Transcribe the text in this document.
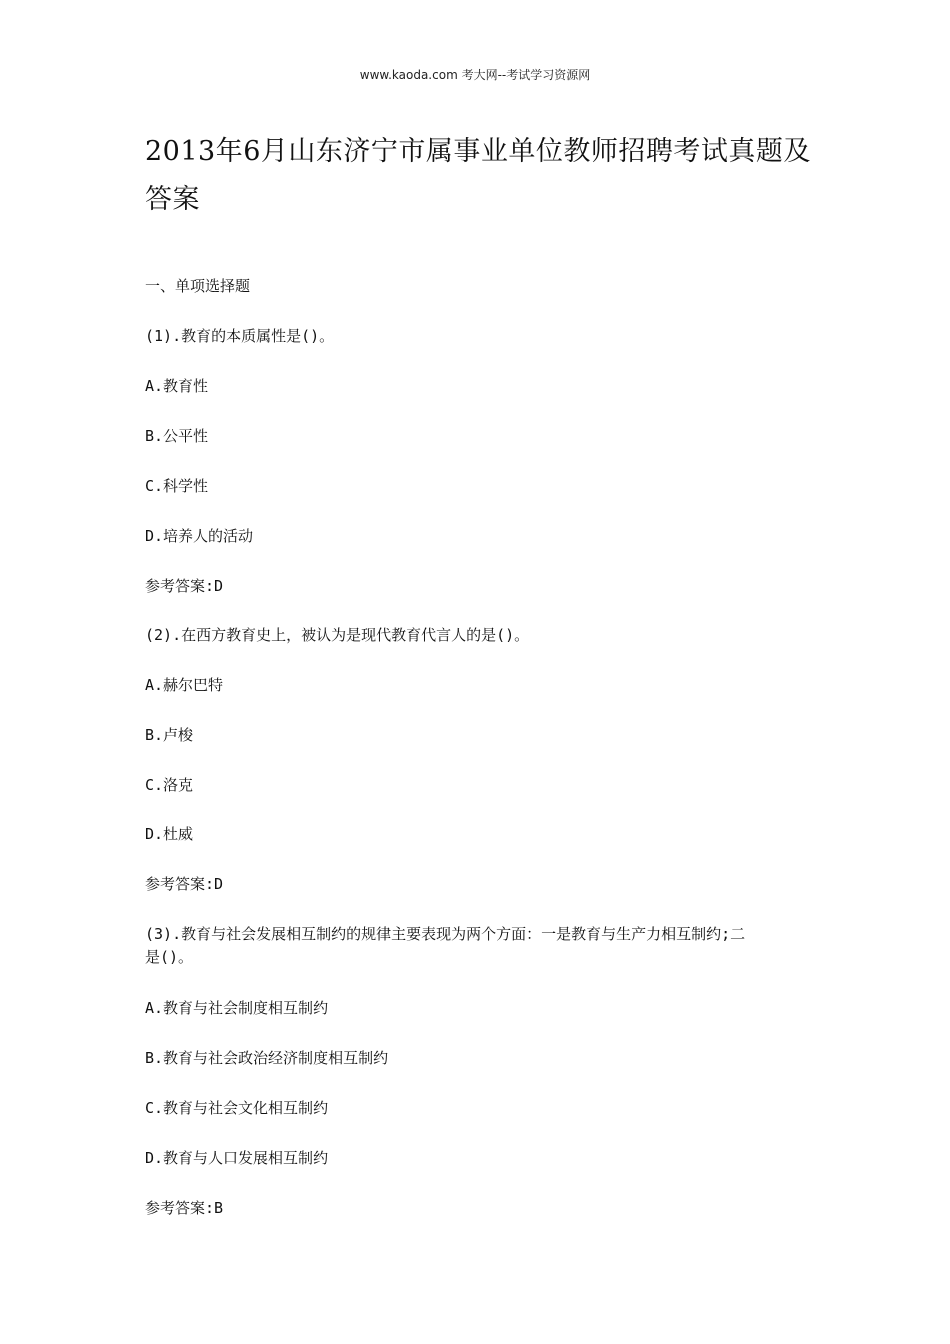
www.kaoda.com 考大网--考试学习资源网
2013年6月山东济宁市属事业单位教师招聘考试真题及答案
一、单项选择题
(1).教育的本质属性是()。
A.教育性
B.公平性
C.科学性
D.培养人的活动
参考答案:D
(2).在西方教育史上，被认为是现代教育代言人的是()。
A.赫尔巴特
B.卢梭
C.洛克
D.杜威
参考答案:D
(3).教育与社会发展相互制约的规律主要表现为两个方面：一是教育与生产力相互制约;二
是()。
A.教育与社会制度相互制约
B.教育与社会政治经济制度相互制约
C.教育与社会文化相互制约
D.教育与人口发展相互制约
参考答案:B
